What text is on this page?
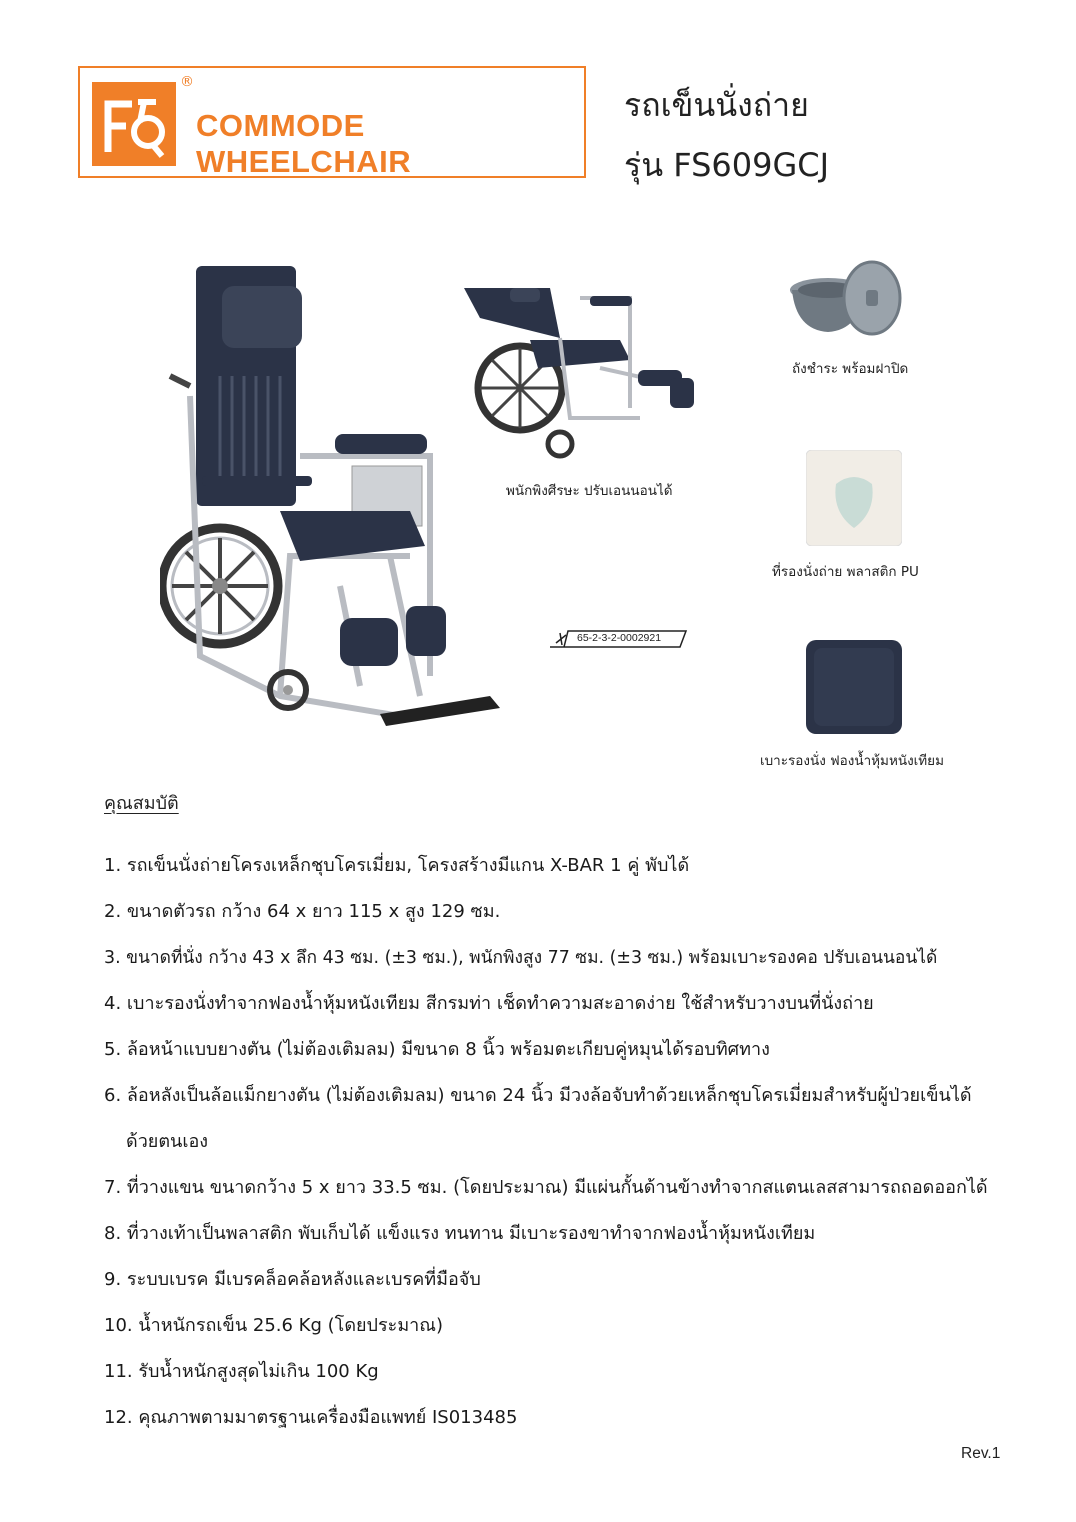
®
COMMODE WHEELCHAIR
รถเข็นนั่งถ่าย
รุ่น FS609GCJ
พนักพิงศีรษะ ปรับเอนนอนได้
ถังชำระ พร้อมฝาปิด
ที่รองนั่งถ่าย พลาสติก PU
เบาะรองนั่ง ฟองน้ำหุ้มหนังเทียม
65-2-3-2-0002921
คุณสมบัติ
1. รถเข็นนั่งถ่ายโครงเหล็กชุบโครเมี่ยม, โครงสร้างมีแกน X-BAR 1 คู่ พับได้
2. ขนาดตัวรถ กว้าง 64 x ยาว 115 x สูง 129 ซม.
3. ขนาดที่นั่ง กว้าง 43 x ลึก 43 ซม. (±3 ซม.), พนักพิงสูง 77 ซม. (±3 ซม.) พร้อมเบาะรองคอ ปรับเอนนอนได้
4. เบาะรองนั่งทำจากฟองน้ำหุ้มหนังเทียม สีกรมท่า เช็ดทำความสะอาดง่าย ใช้สำหรับวางบนที่นั่งถ่าย
5. ล้อหน้าแบบยางตัน (ไม่ต้องเติมลม) มีขนาด 8 นิ้ว พร้อมตะเกียบคู่หมุนได้รอบทิศทาง
6. ล้อหลังเป็นล้อแม็กยางตัน (ไม่ต้องเติมลม) ขนาด 24 นิ้ว มีวงล้อจับทำด้วยเหล็กชุบโครเมี่ยมสำหรับผู้ป่วยเข็นได้
ด้วยตนเอง
7. ที่วางแขน ขนาดกว้าง 5 x ยาว 33.5 ซม. (โดยประมาณ) มีแผ่นกั้นด้านข้างทำจากสแตนเลสสามารถถอดออกได้
8. ที่วางเท้าเป็นพลาสติก พับเก็บได้ แข็งแรง ทนทาน มีเบาะรองขาทำจากฟองน้ำหุ้มหนังเทียม
9. ระบบเบรค มีเบรคล็อคล้อหลังและเบรคที่มือจับ
10. น้ำหนักรถเข็น 25.6 Kg (โดยประมาณ)
11. รับน้ำหนักสูงสุดไม่เกิน 100 Kg
12. คุณภาพตามมาตรฐานเครื่องมือแพทย์ IS013485
Rev.1
